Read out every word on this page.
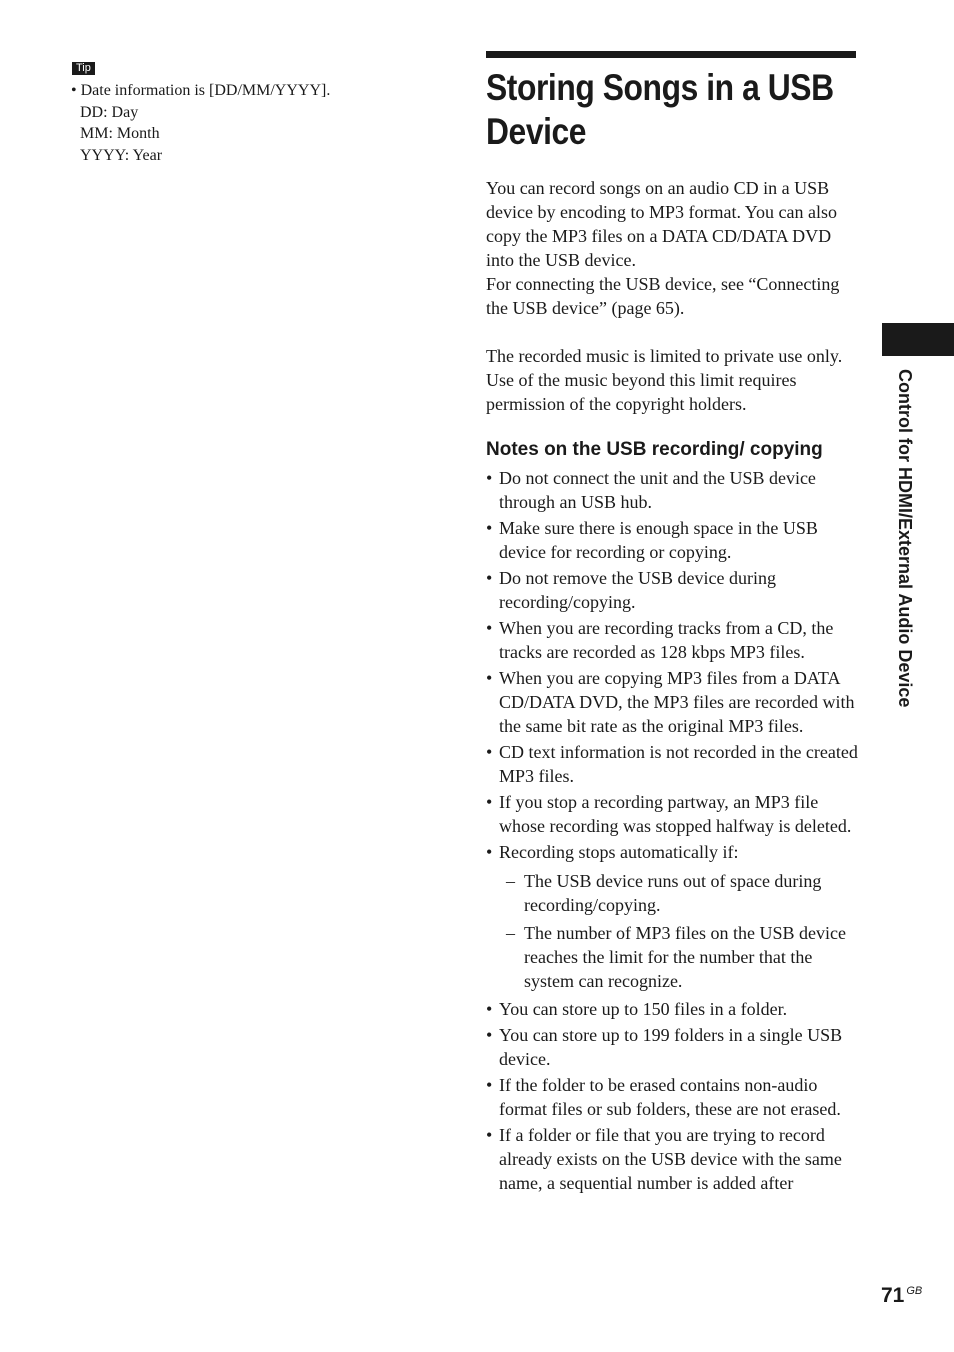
Tip
• Date information is [DD/MM/YYYY].
DD: Day
MM: Month
YYYY: Year
Storing Songs in a USB Device

You can record songs on an audio CD in a USB device by encoding to MP3 format. You can also copy the MP3 files on a DATA CD/DATA DVD into the USB device.

For connecting the USB device, see “Connecting the USB device” (page 65).

The recorded music is limited to private use only. Use of the music beyond this limit requires permission of the copyright holders.

Notes on the USB recording/ copying
• Do not connect the unit and the USB device through an USB hub.
• Make sure there is enough space in the USB device for recording or copying.
• Do not remove the USB device during recording/copying.
• When you are recording tracks from a CD, the tracks are recorded as 128 kbps MP3 files.
• When you are copying MP3 files from a DATA CD/DATA DVD, the MP3 files are recorded with the same bit rate as the original MP3 files.
• CD text information is not recorded in the created MP3 files.
• If you stop a recording partway, an MP3 file whose recording was stopped halfway is deleted.
• Recording stops automatically if:
– The USB device runs out of space during recording/copying.
– The number of MP3 files on the USB device reaches the limit for the number that the system can recognize.
• You can store up to 150 files in a folder.
• You can store up to 199 folders in a single USB device.
• If the folder to be erased contains non-audio format files or sub folders, these are not erased.
• If a folder or file that you are trying to record already exists on the USB device with the same name, a sequential number is added after
Control for HDMI/External Audio Device
71 $^{GB}$
